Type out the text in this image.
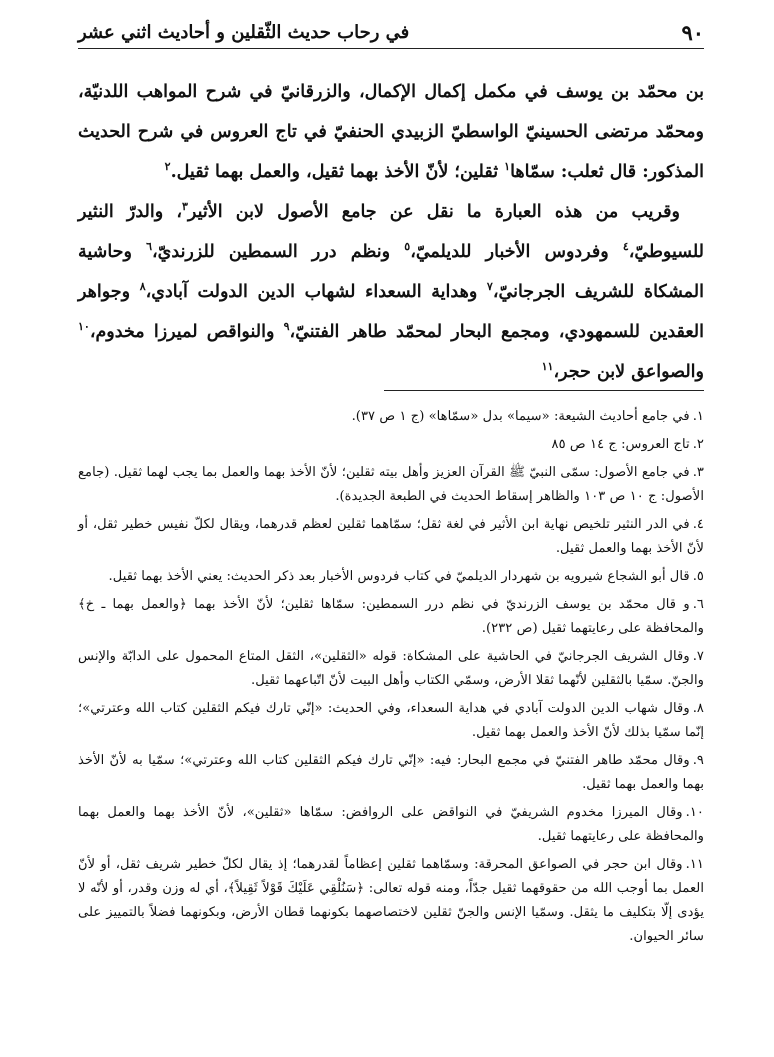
٩٠
في رحاب حديث الثّقلين و أحاديث اثني عشر

بن محمّد بن يوسف في مكمل إكمال الإكمال، والزرقانيّ في شرح المواهب اللدنيّة، ومحمّد مرتضى الحسينيّ الواسطيّ الزبيدي الحنفيّ في تاج العروس في شرح الحديث المذكور: قال ثعلب: سمّاها$^١$ ثقلين؛ لأنّ الأخذ بهما ثقيل، والعمل بهما ثقيل.$^٢$

وقريب من هذه العبارة ما نقل عن جامع الأصول لابن الأثير$^٣$، والدرّ النثير للسيوطيّ،$^٤$ وفردوس الأخبار للديلميّ،$^٥$ ونظم درر السمطين للزرنديّ،$^٦$ وحاشية المشكاة للشريف الجرجانيّ،$^٧$ وهداية السعداء لشهاب الدين الدولت آبادي،$^٨$ وجواهر العقدين للسمهودي، ومجمع البحار لمحمّد طاهر الفتنيّ،$^٩$ والنواقص لميرزا مخدوم،$^{١٠}$ والصواعق لابن حجر،$^{١١}$

١.في جامع أحاديث الشيعة: «سيما» بدل «سمّاها» (ج ١ ص ٣٧).
٢.تاج العروس: ج ١٤ ص ٨٥
٣.في جامع الأصول: سمّى النبيّ ﷺ القرآن العزيز وأهل بيته ثقلين؛ لأنّ الأخذ بهما والعمل بما يجب لهما ثقيل. (جامع الأصول: ج ١٠ ص ١٠٣ والظاهر إسقاط الحديث في الطبعة الجديدة).
٤.في الدر النثير تلخيص نهاية ابن الأثير في لغة ثقل؛ سمّاهما ثقلين لعظم قدرهما، ويقال لكلّ نفيس خطير ثقل، أو لأنّ الأخذ بهما والعمل ثقيل.
٥.قال أبو الشجاع شيرويه بن شهردار الديلميّ في كتاب فردوس الأخبار بعد ذكر الحديث: يعني الأخذ بهما ثقيل.
٦.و قال محمّد بن يوسف الزرنديّ في نظم درر السمطين: سمّاها ثقلين؛ لأنّ الأخذ بهما ﴿والعمل بهما ـ خ﴾ والمحافظة على رعايتهما ثقيل (ص ٢٣٢).
٧.وقال الشريف الجرجانيّ في الحاشية على المشكاة: قوله «الثقلين»، الثقل المتاع المحمول على الدابّة والإنس والجنّ. سمّيا بالثقلين لأنّهما ثقلا الأرض، وسمّي الكتاب وأهل البيت لأنّ اتّباعهما ثقيل.
٨.وقال شهاب الدين الدولت آبادي في هداية السعداء، وفي الحديث: «إنّي تارك فيكم الثقلين كتاب الله وعترتي»؛ إنّما سمّيا بذلك لأنّ الأخذ والعمل بهما ثقيل.
٩.وقال محمّد طاهر الفتنيّ في مجمع البحار: فيه: «إنّي تارك فيكم الثقلين كتاب الله وعترتي»؛ سمّيا به لأنّ الأخذ بهما والعمل بهما ثقيل.
١٠.وقال الميرزا مخدوم الشريفيّ في النواقض على الروافض: سمّاها «ثقلين»، لأنّ الأخذ بهما والعمل بهما والمحافظة على رعايتهما ثقيل.
١١.وقال ابن حجر في الصواعق المحرقة: وسمّاهما ثقلين إعظاماً لقدرهما؛ إذ يقال لكلّ خطير شريف ثقل، أو لأنّ العمل بما أوجب الله من حقوقهما ثقيل جدّاً، ومنه قوله تعالى: ﴿سَنُلْقِي عَلَيْكَ قَوْلاً ثَقِيلاً﴾، أي له وزن وقدر، أو لأنّه لا يؤدى إلّا بتكليف ما يثقل. وسمّيا الإنس والجنّ ثقلين لاختصاصهما بكونهما قطان الأرض، وبكونهما فضلاً بالتمييز على سائر الحيوان.
